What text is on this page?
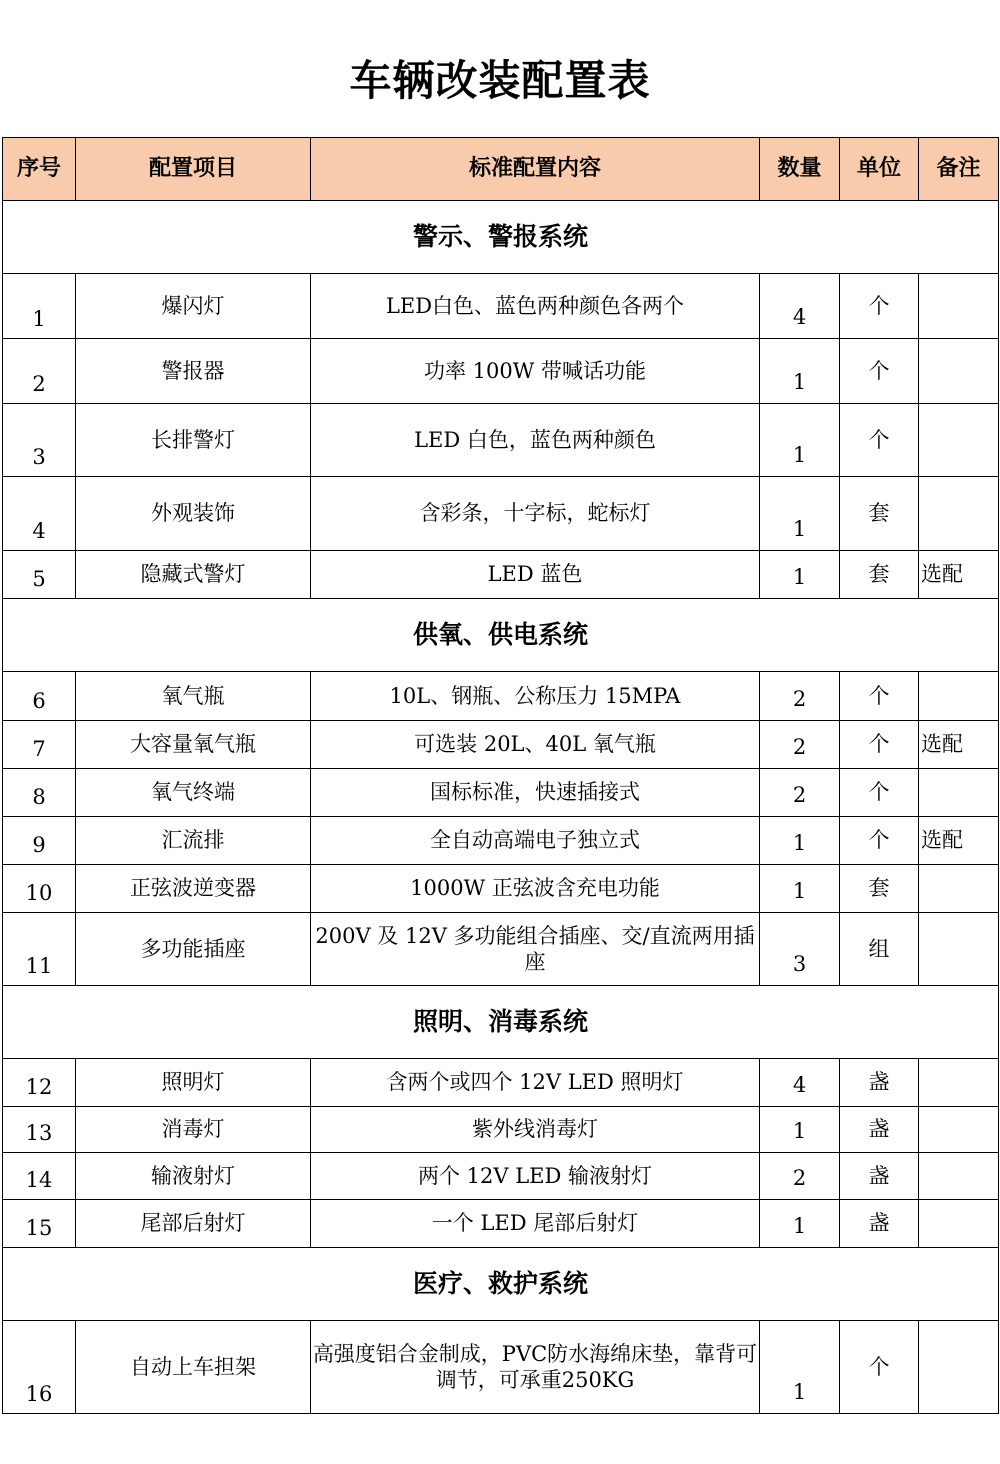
车辆改装配置表
序号	配置项目	标准配置内容	数量	单位	备注
警示、警报系统					
1	爆闪灯	LED白色、蓝色两种颜色各两个	4	个	
2	警报器	功率 100W 带喊话功能	1	个	
3	长排警灯	LED 白色，蓝色两种颜色	1	个	
4	外观装饰	含彩条，十字标，蛇标灯	1	套	
5	隐藏式警灯	LED 蓝色	1	套	选配
供氧、供电系统					
6	氧气瓶	10L、钢瓶、公称压力 15MPA	2	个	
7	大容量氧气瓶	可选装 20L、40L 氧气瓶	2	个	选配
8	氧气终端	国标标准，快速插接式	2	个	
9	汇流排	全自动高端电子独立式	1	个	选配
10	正弦波逆变器	1000W 正弦波含充电功能	1	套	
11	多功能插座	200V 及 12V 多功能组合插座、交/直流两用插座	3	组	
照明、消毒系统					
12	照明灯	含两个或四个 12V LED 照明灯	4	盏	
13	消毒灯	紫外线消毒灯	1	盏	
14	输液射灯	两个 12V LED 输液射灯	2	盏	
15	尾部后射灯	一个 LED 尾部后射灯	1	盏	
医疗、救护系统					
16	自动上车担架	高强度铝合金制成，PVC防水海绵床垫，靠背可调节，可承重250KG	1	个	
